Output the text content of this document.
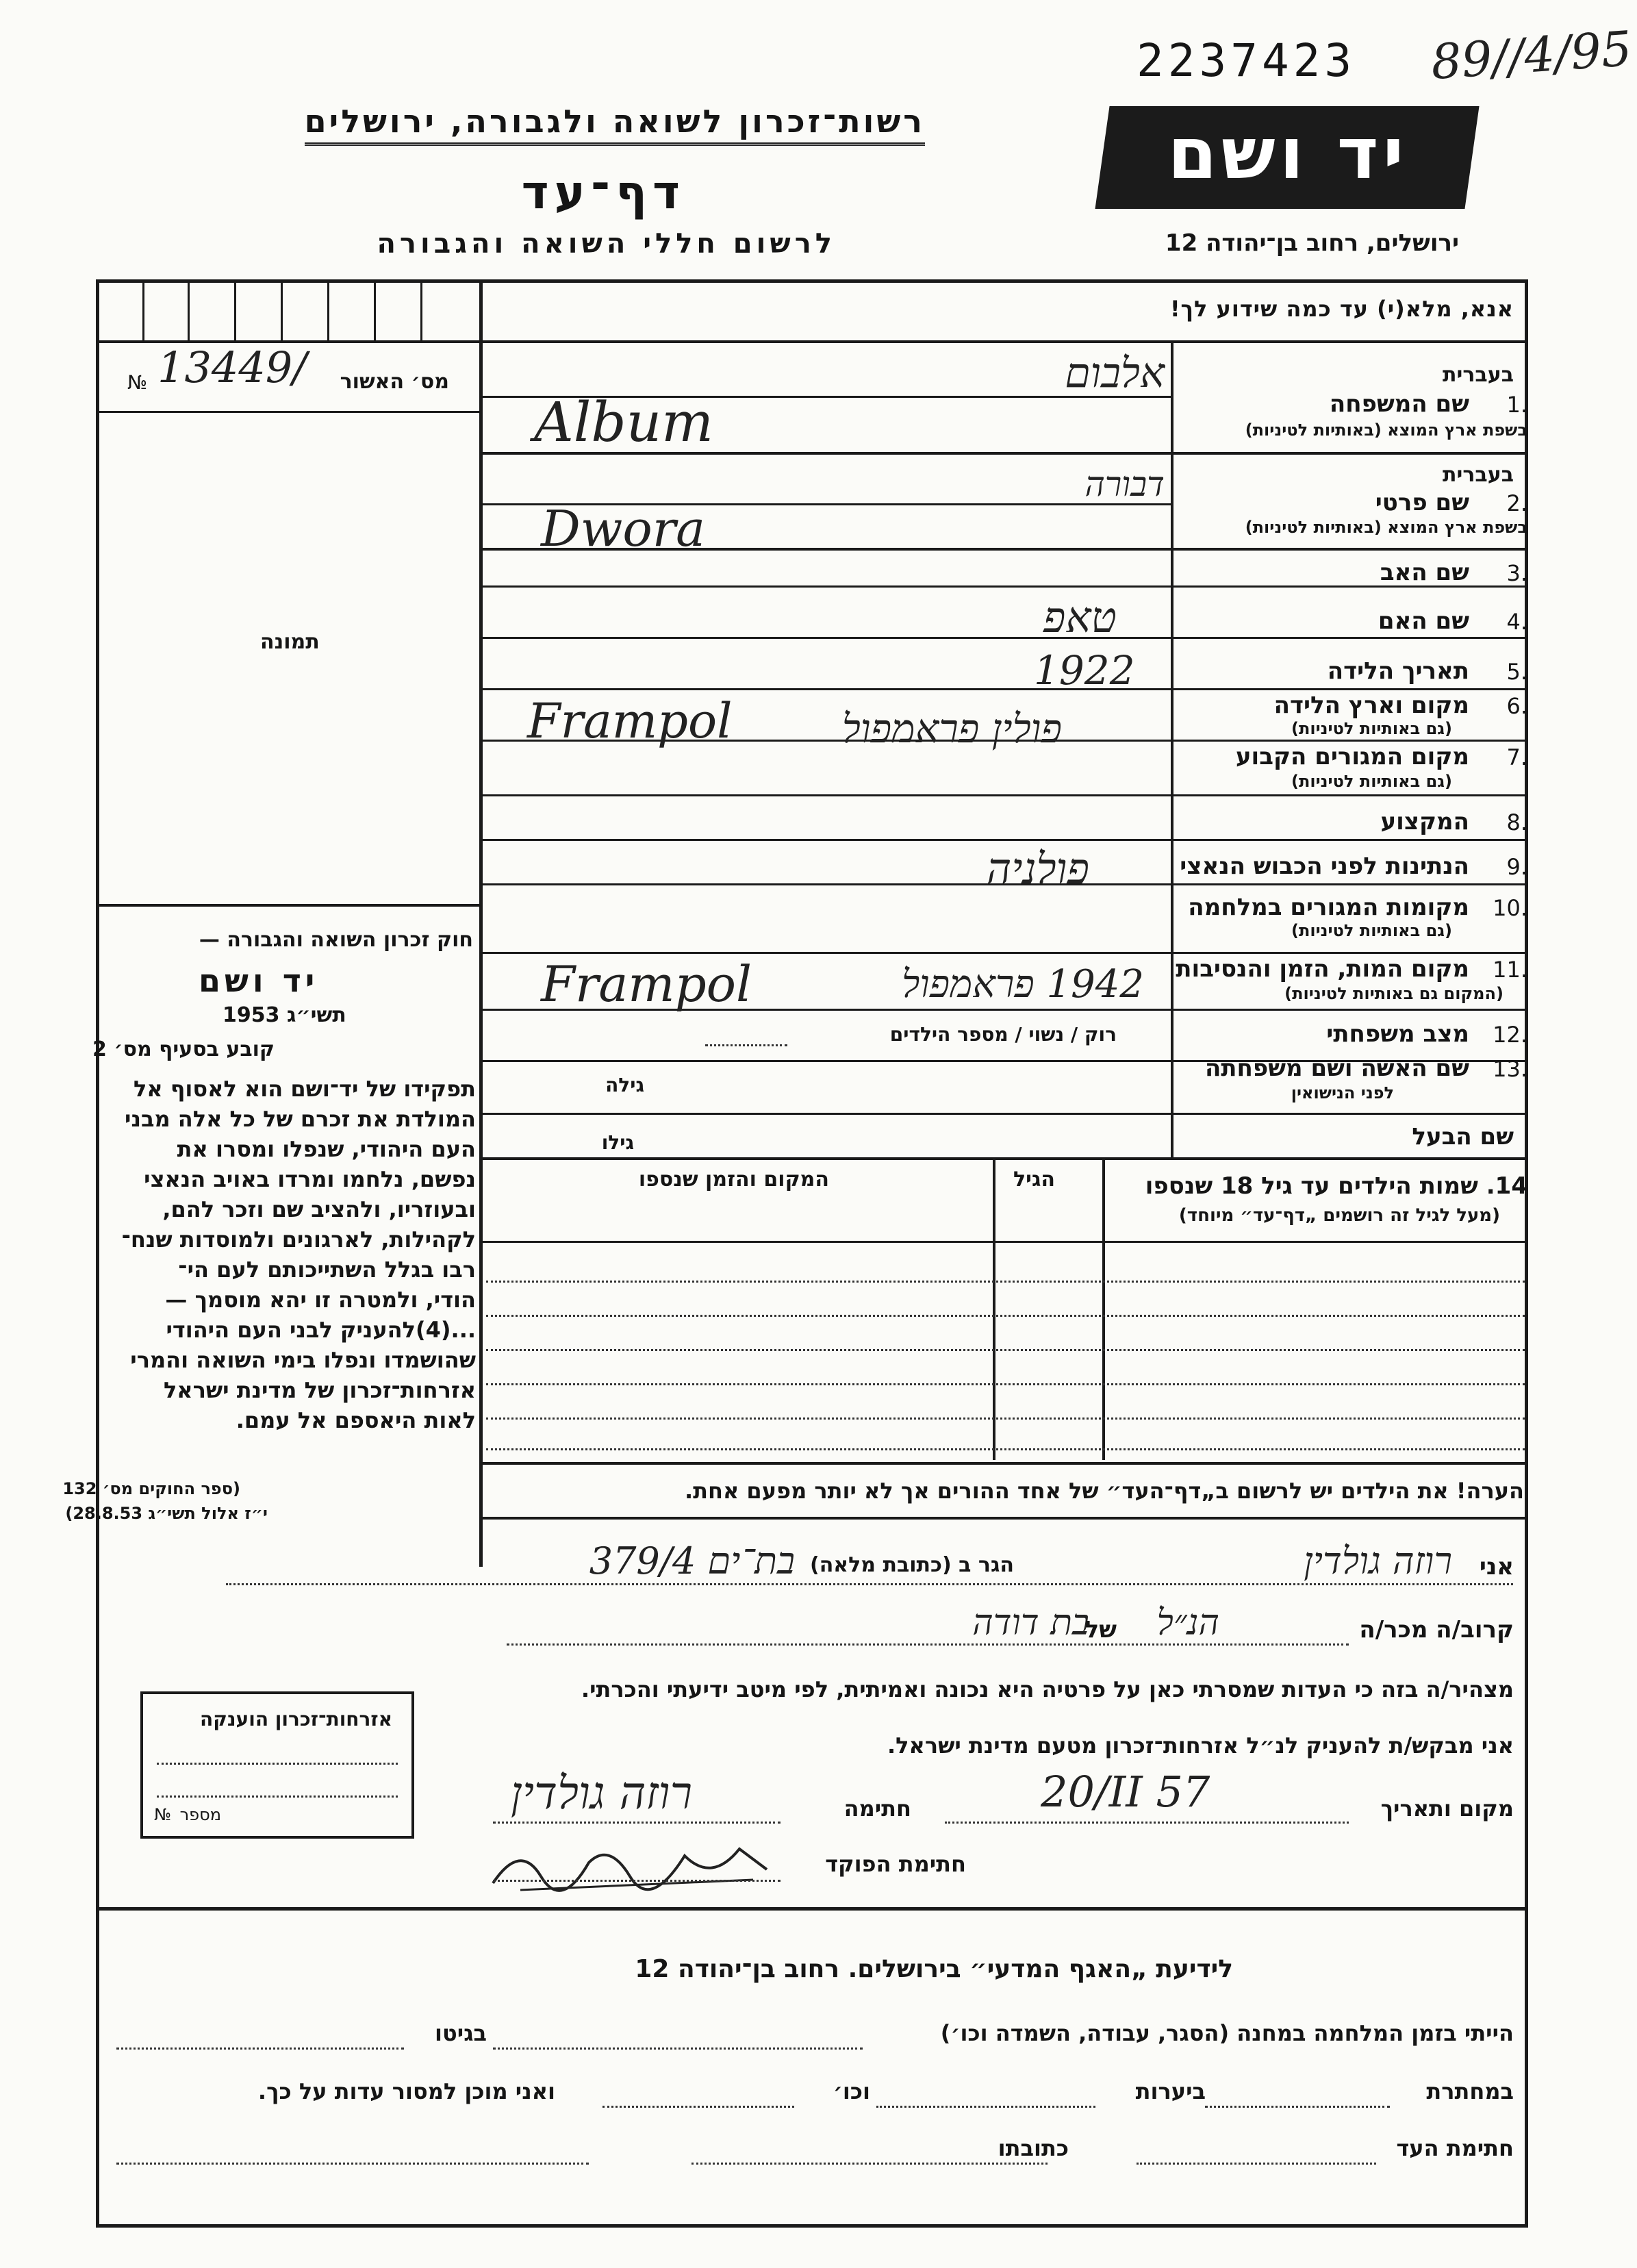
2237423 89//4/95
רשות־זכרון לשואה ולגבורה, ירושלים
דף־עד
לרשום חללי השואה והגבורה
יד ושם
ירושלים, רחוב בן־יהודה 12
מס׳ האשור
№ 13449/
תמונה
חוק זכרון השואה והגבורה —
יד ושם
תשי״ג 1953
קובע בסעיף מס׳ 2
תפקידו של יד־ושם הוא לאסוף אל
המולדת את זכרם של כל אלה מבני
העם היהודי, שנפלו ומסרו את
נפשם, נלחמו ומרדו באויב הנאצי
ובעוזריו, ולהציב שם וזכר להם,
לקהילות, לארגונים ולמוסדות שנח־
רבו בגלל השתייכותם לעם הי־
הודי, ולמטרה זו יהא מוסמך —
...(4)להעניק לבני העם היהודי
שהושמדו ונפלו בימי השואה והמרי
אזרחות־זכרון של מדינת ישראל
לאות היאספם אל עמם.
(ספר החוקים מס׳ 132
י״ז אלול תשי״ג 28.8.53)
אזרחות־זכרון הוענקה
מספר
№
אנא, מלא(י) עד כמה שידוע לך!
בעברית
שם המשפחה 1.
בשפת ארץ המוצא (באותיות לטיניות)
אלבום
Album
בעברית
שם פרטי 2.
בשפת ארץ המוצא (באותיות לטיניות)
דבורה
Dwora
שם האב 3.
שם האם 4.
טאפ
תאריך הלידה 5.
1922
מקום וארץ הלידה 6.
(גם באותיות לטיניות)
פולין פראמפול
Frampol
מקום המגורים הקבוע 7.
(גם באותיות לטיניות)
המקצוע 8.
הנתינות לפני הכבוש הנאצי 9.
פולניה
מקומות המגורים במלחמה 10.
(גם באותיות לטיניות)
מקום המות, הזמן והנסיבות 11.
(המקום גם באותיות לטיניות)
1942 פראמפול
Frampol
מצב משפחתי 12.
רוק / נשוי / מספר הילדים
שם האשה ושם משפחתה 13.
לפני הנישואין
גילה
שם הבעל
גילו
14. שמות הילדים עד גיל 18 שנספו
(מעל לגיל זה רושמים „דף־עד״ מיוחד)
הגיל
המקום והזמן שנספו
הערה! את הילדים יש לרשום ב„דף־העד״ של אחד ההורים אך לא יותר מפעם אחת.
אני
רוזה גולדין
הגר ב (כתובת מלאה)
בת־ים 379/4
קרוב/ה מכר/ה
בת דודה
של הנ״ל
מצהיר/ה בזה כי העדות שמסרתי כאן על פרטיה היא נכונה ואמיתית, לפי מיטב ידיעתי והכרתי.
אני מבקש/ת להעניק לנ״ל אזרחות־זכרון מטעם מדינת ישראל.
מקום ותאריך
20/II 57
חתימה
רוזה גולדין
חתימת הפוקד
לידיעת „האגף המדעי״ בירושלים. רחוב בן־יהודה 12
הייתי בזמן המלחמה במחנה (הסגר, עבודה, השמדה וכו׳)
בגיטו
במחתרת
ביערות
וכו׳
ואני מוכן למסור עדות על כך.
חתימת העד
כתובתו
